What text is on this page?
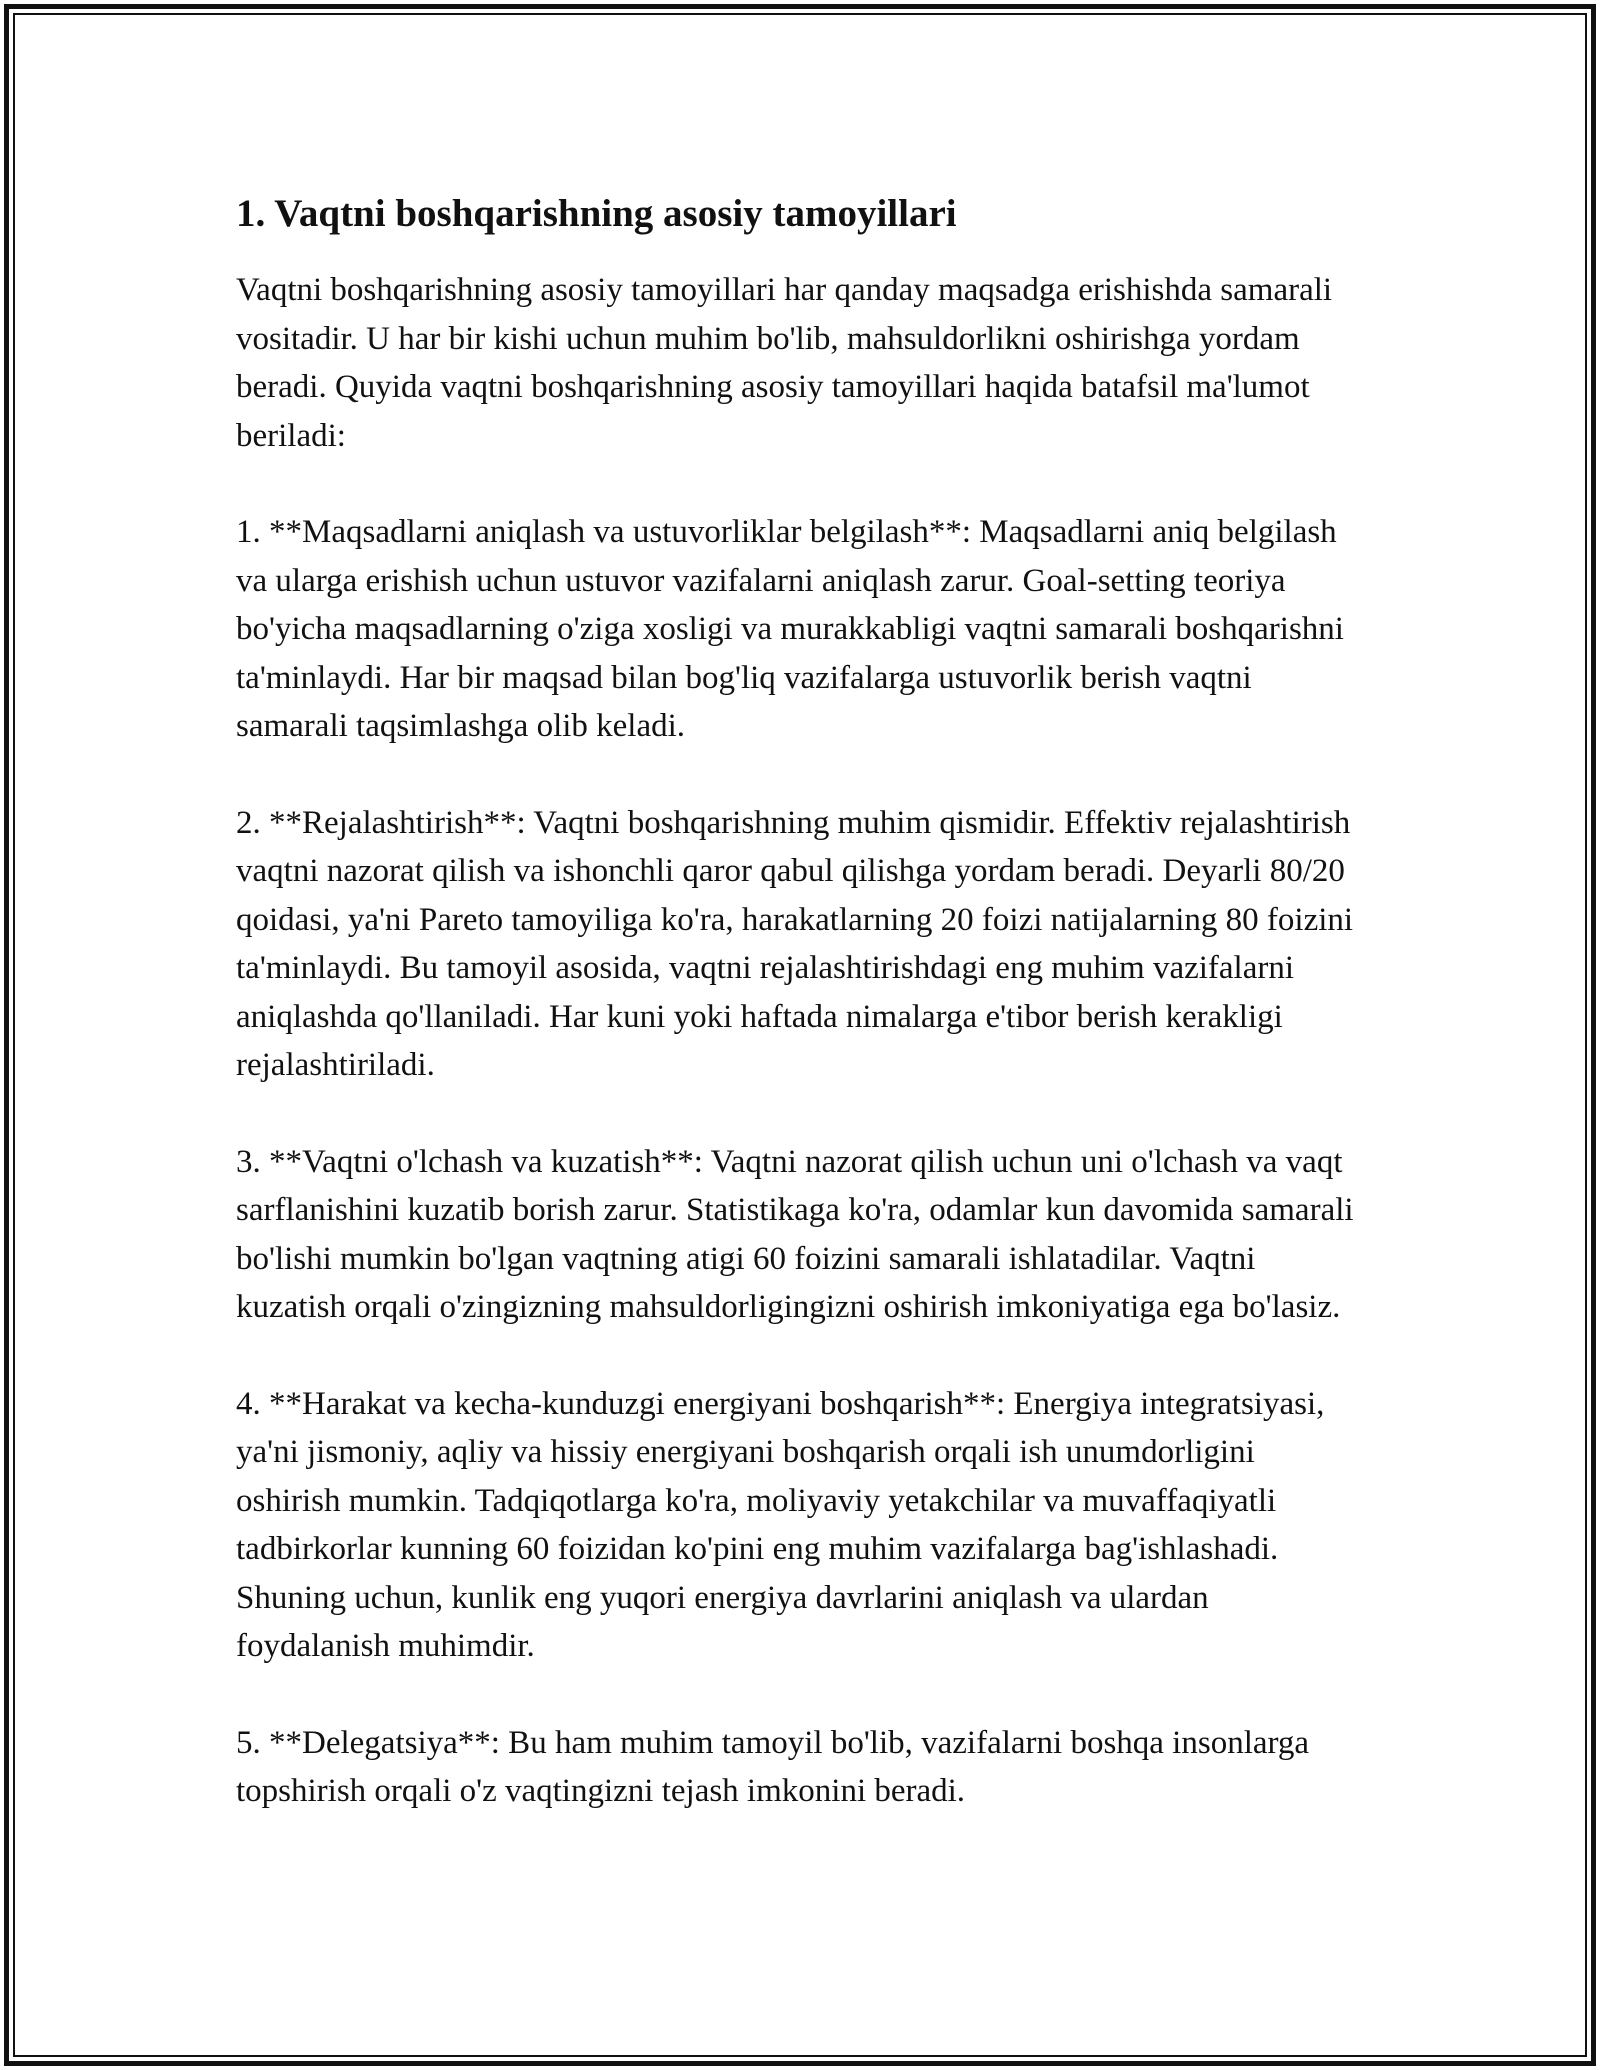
1. Vaqtni boshqarishning asosiy tamoyillari

Vaqtni boshqarishning asosiy tamoyillari har qanday maqsadga erishishda samarali vositadir. U har bir kishi uchun muhim bo'lib, mahsuldorlikni oshirishga yordam beradi. Quyida vaqtni boshqarishning asosiy tamoyillari haqida batafsil ma'lumot beriladi:

1. **Maqsadlarni aniqlash va ustuvorliklar belgilash**: Maqsadlarni aniq belgilash va ularga erishish uchun ustuvor vazifalarni aniqlash zarur. Goal-setting teoriya bo'yicha maqsadlarning o'ziga xosligi va murakkabligi vaqtni samarali boshqarishni ta'minlaydi. Har bir maqsad bilan bog'liq vazifalarga ustuvorlik berish vaqtni samarali taqsimlashga olib keladi.

2. **Rejalashtirish**: Vaqtni boshqarishning muhim qismidir. Effektiv rejalashtirish vaqtni nazorat qilish va ishonchli qaror qabul qilishga yordam beradi. Deyarli 80/20 qoidasi, ya'ni Pareto tamoyiliga ko'ra, harakatlarning 20 foizi natijalarning 80 foizini ta'minlaydi. Bu tamoyil asosida, vaqtni rejalashtirishdagi eng muhim vazifalarni aniqlashda qo'llaniladi. Har kuni yoki haftada nimalarga e'tibor berish kerakligi rejalashtiriladi.

3. **Vaqtni o'lchash va kuzatish**: Vaqtni nazorat qilish uchun uni o'lchash va vaqt sarflanishini kuzatib borish zarur. Statistikaga ko'ra, odamlar kun davomida samarali bo'lishi mumkin bo'lgan vaqtning atigi 60 foizini samarali ishlatadilar. Vaqtni kuzatish orqali o'zingizning mahsuldorligingizni oshirish imkoniyatiga ega bo'lasiz.

4. **Harakat va kecha-kunduzgi energiyani boshqarish**: Energiya integratsiyasi, ya'ni jismoniy, aqliy va hissiy energiyani boshqarish orqali ish unumdorligini oshirish mumkin. Tadqiqotlarga ko'ra, moliyaviy yetakchilar va muvaffaqiyatli tadbirkorlar kunning 60 foizidan ko'pini eng muhim vazifalarga bag'ishlashadi. Shuning uchun, kunlik eng yuqori energiya davrlarini aniqlash va ulardan foydalanish muhimdir.

5. **Delegatsiya**: Bu ham muhim tamoyil bo'lib, vazifalarni boshqa insonlarga topshirish orqali o'z vaqtingizni tejash imkonini beradi.
